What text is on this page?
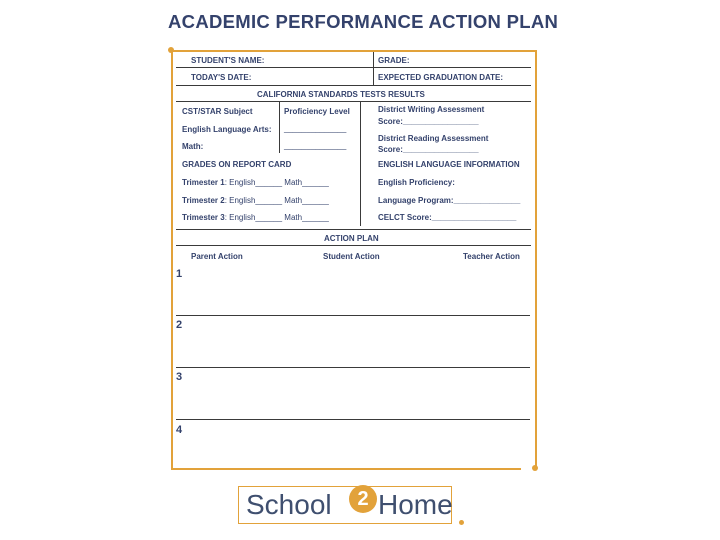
ACADEMIC PERFORMANCE ACTION PLAN
STUDENT'S NAME:	GRADE:
TODAY'S DATE:	EXPECTED GRADUATION DATE:
CALIFORNIA STANDARDS TESTS RESULTS
CST/STAR Subject	Proficiency Level
English Language Arts: ______________
Math:	______________
District Writing Assessment
Score:_________________
District Reading Assessment
Score:_________________
GRADES ON REPORT CARD
Trimester 1: English______ Math______
Trimester 2: English______ Math______
Trimester 3: English______ Math______
ENGLISH LANGUAGE INFORMATION
English Proficiency:
Language Program:_______________
CELCT Score:___________________
ACTION PLAN
Parent Action	Student Action	Teacher Action
1
2
3
4
School	2 Home
